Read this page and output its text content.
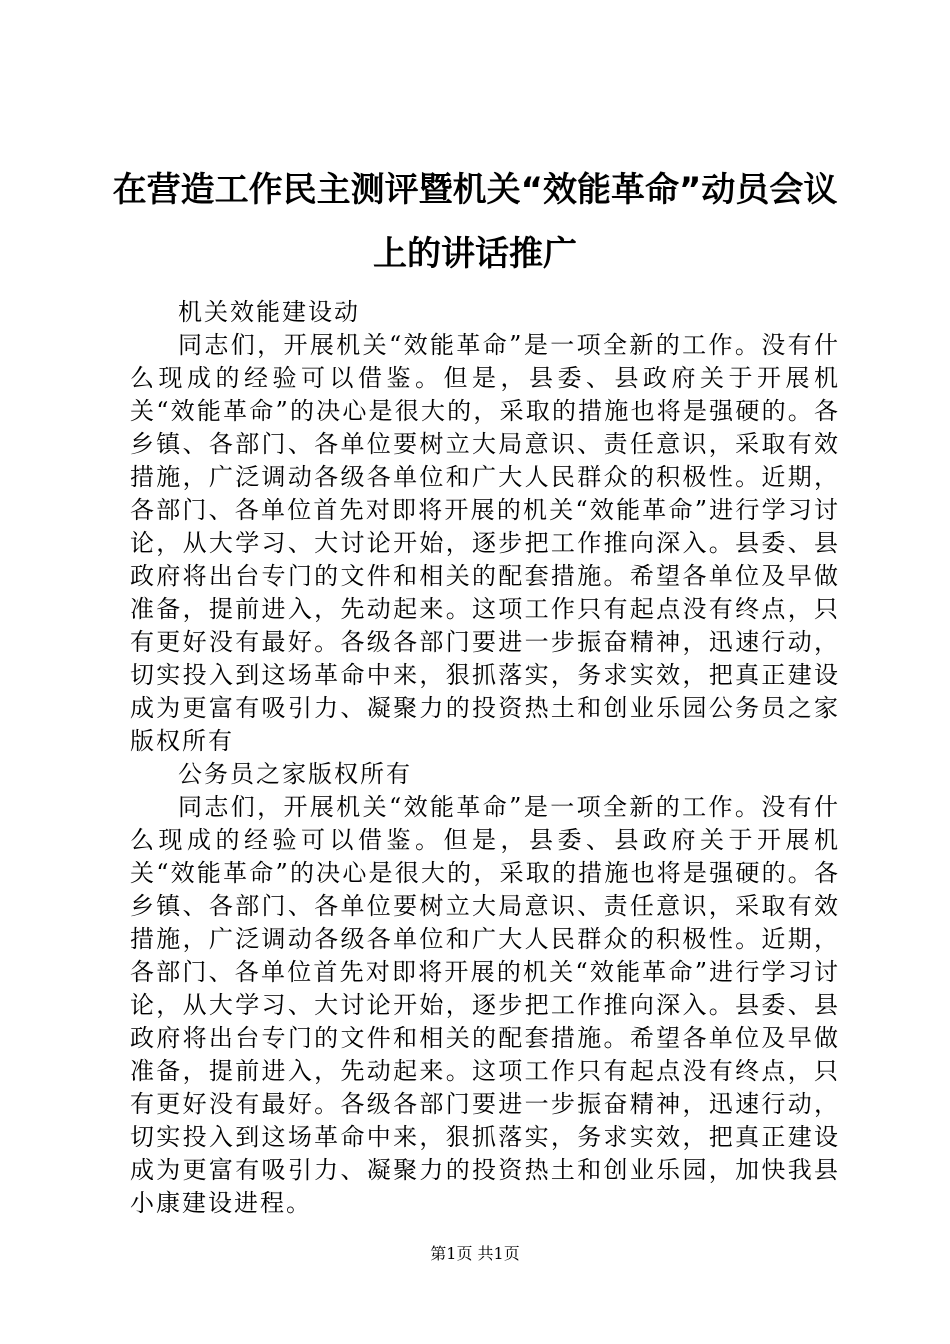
在营造工作民主测评暨机关“效能革命”动员会议上的讲话推广

机关效能建设动

同志们，开展机关“效能革命”是一项全新的工作。没有什么现成的经验可以借鉴。但是，县委、县政府关于开展机关“效能革命”的决心是很大的，采取的措施也将是强硬的。各乡镇、各部门、各单位要树立大局意识、责任意识，采取有效措施，广泛调动各级各单位和广大人民群众的积极性。近期，各部门、各单位首先对即将开展的机关“效能革命”进行学习讨论，从大学习、大讨论开始，逐步把工作推向深入。县委、县政府将出台专门的文件和相关的配套措施。希望各单位及早做准备，提前进入，先动起来。这项工作只有起点没有终点，只有更好没有最好。各级各部门要进一步振奋精神，迅速行动，切实投入到这场革命中来，狠抓落实，务求实效，把真正建设成为更富有吸引力、凝聚力的投资热土和创业乐园公务员之家版权所有

公务员之家版权所有

同志们，开展机关“效能革命”是一项全新的工作。没有什么现成的经验可以借鉴。但是，县委、县政府关于开展机关“效能革命”的决心是很大的，采取的措施也将是强硬的。各乡镇、各部门、各单位要树立大局意识、责任意识，采取有效措施，广泛调动各级各单位和广大人民群众的积极性。近期，各部门、各单位首先对即将开展的机关“效能革命”进行学习讨论，从大学习、大讨论开始，逐步把工作推向深入。县委、县政府将出台专门的文件和相关的配套措施。希望各单位及早做准备，提前进入，先动起来。这项工作只有起点没有终点，只有更好没有最好。各级各部门要进一步振奋精神，迅速行动，切实投入到这场革命中来，狠抓落实，务求实效，把真正建设成为更富有吸引力、凝聚力的投资热土和创业乐园，加快我县小康建设进程。

第1页 共1页
